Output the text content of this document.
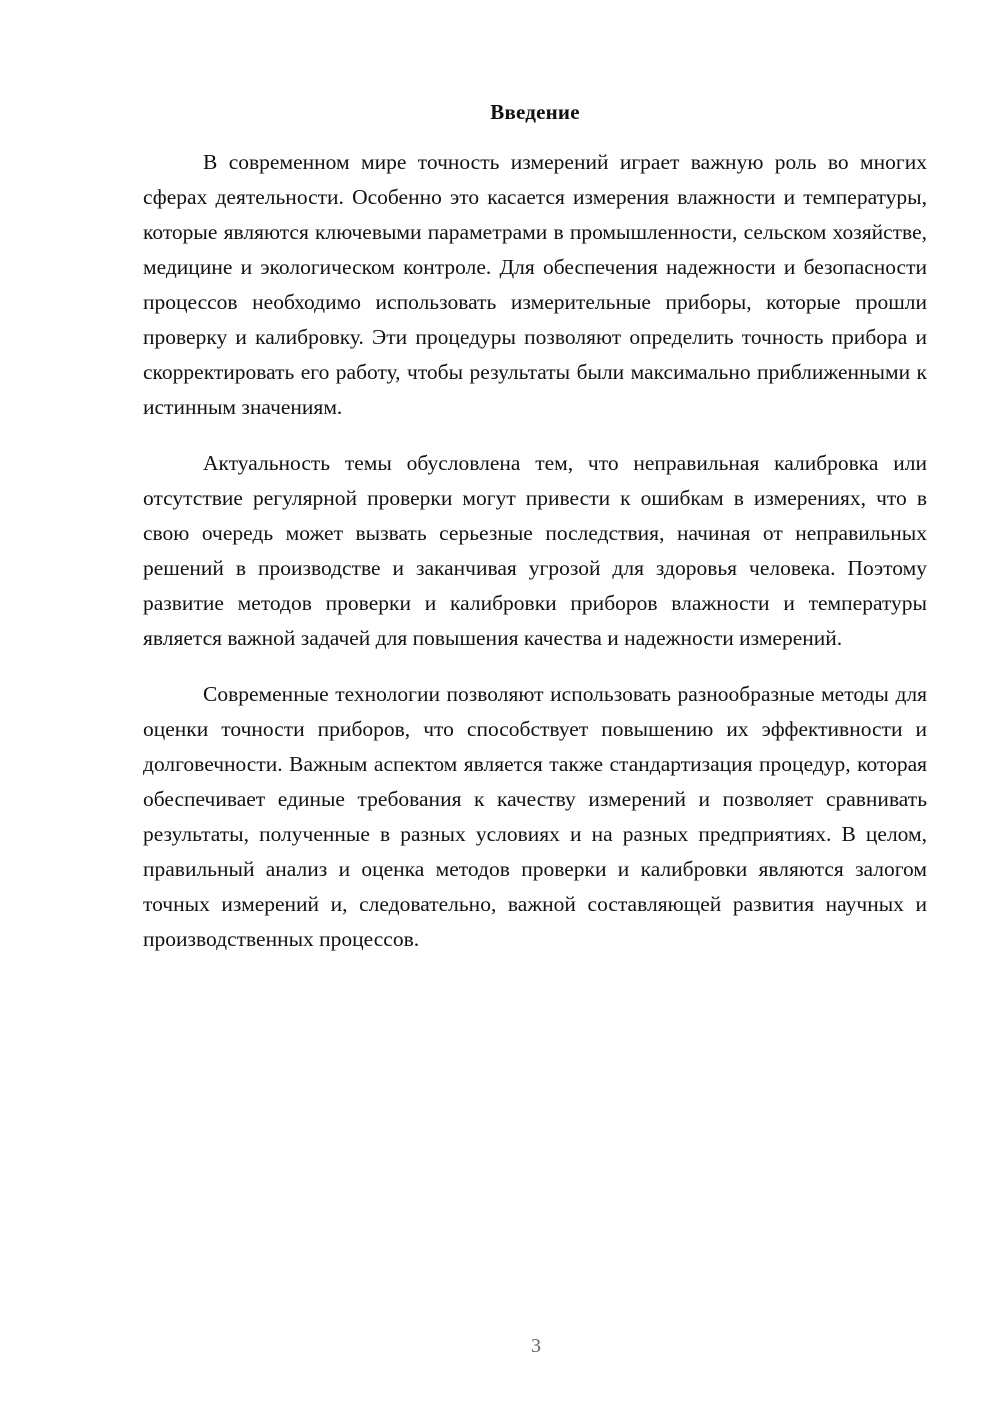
Введение

В современном мире точность измерений играет важную роль во многих сферах деятельности. Особенно это касается измерения влажности и температуры, которые являются ключевыми параметрами в промышленности, сельском хозяйстве, медицине и экологическом контроле. Для обеспечения надежности и безопасности процессов необходимо использовать измерительные приборы, которые прошли проверку и калибровку. Эти процедуры позволяют определить точность прибора и скорректировать его работу, чтобы результаты были максимально приближенными к истинным значениям.

Актуальность темы обусловлена тем, что неправильная калибровка или отсутствие регулярной проверки могут привести к ошибкам в измерениях, что в свою очередь может вызвать серьезные последствия, начиная от неправильных решений в производстве и заканчивая угрозой для здоровья человека. Поэтому развитие методов проверки и калибровки приборов влажности и температуры является важной задачей для повышения качества и надежности измерений.

Современные технологии позволяют использовать разнообразные методы для оценки точности приборов, что способствует повышению их эффективности и долговечности. Важным аспектом является также стандартизация процедур, которая обеспечивает единые требования к качеству измерений и позволяет сравнивать результаты, полученные в разных условиях и на разных предприятиях. В целом, правильный анализ и оценка методов проверки и калибровки являются залогом точных измерений и, следовательно, важной составляющей развития научных и производственных процессов.

3
